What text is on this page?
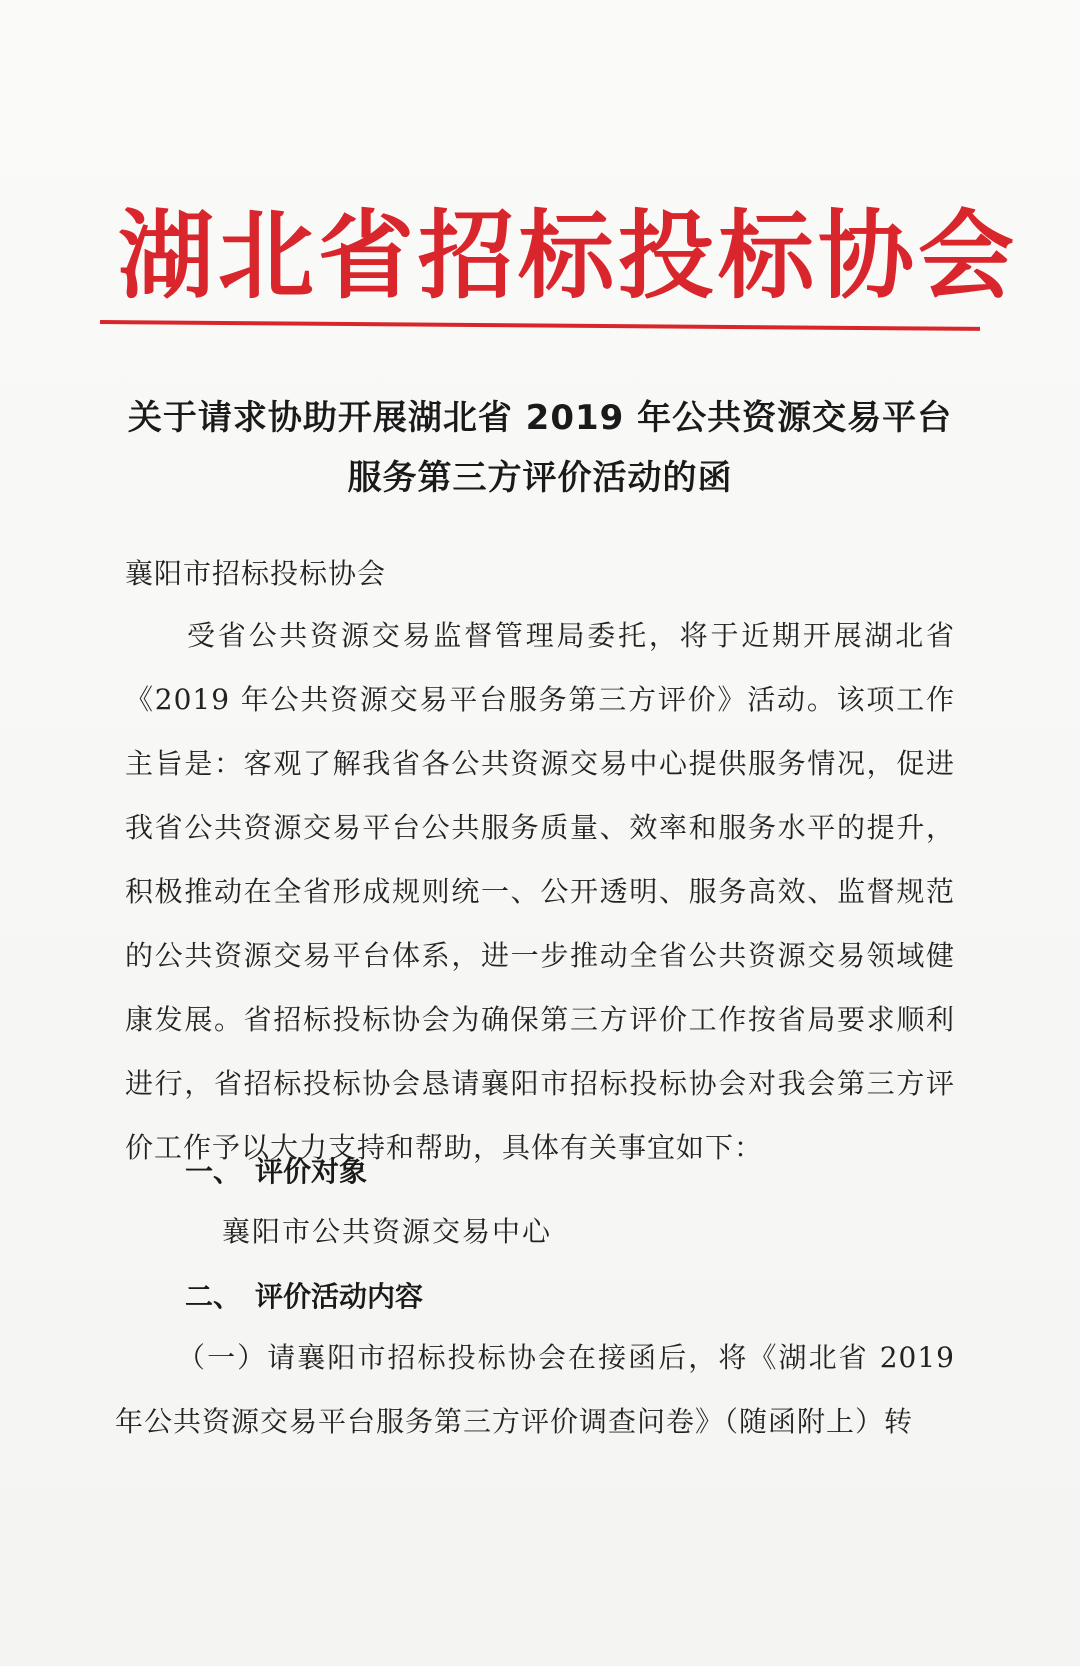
湖北省招标投标协会
关于请求协助开展湖北省 2019 年公共资源交易平台
服务第三方评价活动的函
襄阳市招标投标协会
受省公共资源交易监督管理局委托，将于近期开展湖北省《2019 年公共资源交易平台服务第三方评价》活动。该项工作主旨是：客观了解我省各公共资源交易中心提供服务情况，促进我省公共资源交易平台公共服务质量、效率和服务水平的提升，积极推动在全省形成规则统一、公开透明、服务高效、监督规范的公共资源交易平台体系，进一步推动全省公共资源交易领域健康发展。省招标投标协会为确保第三方评价工作按省局要求顺利进行，省招标投标协会恳请襄阳市招标投标协会对我会第三方评价工作予以大力支持和帮助，具体有关事宜如下：
一、 评价对象
襄阳市公共资源交易中心
二、 评价活动内容
（一）请襄阳市招标投标协会在接函后，将《湖北省 2019 年公共资源交易平台服务第三方评价调查问卷》（随函附上）转
